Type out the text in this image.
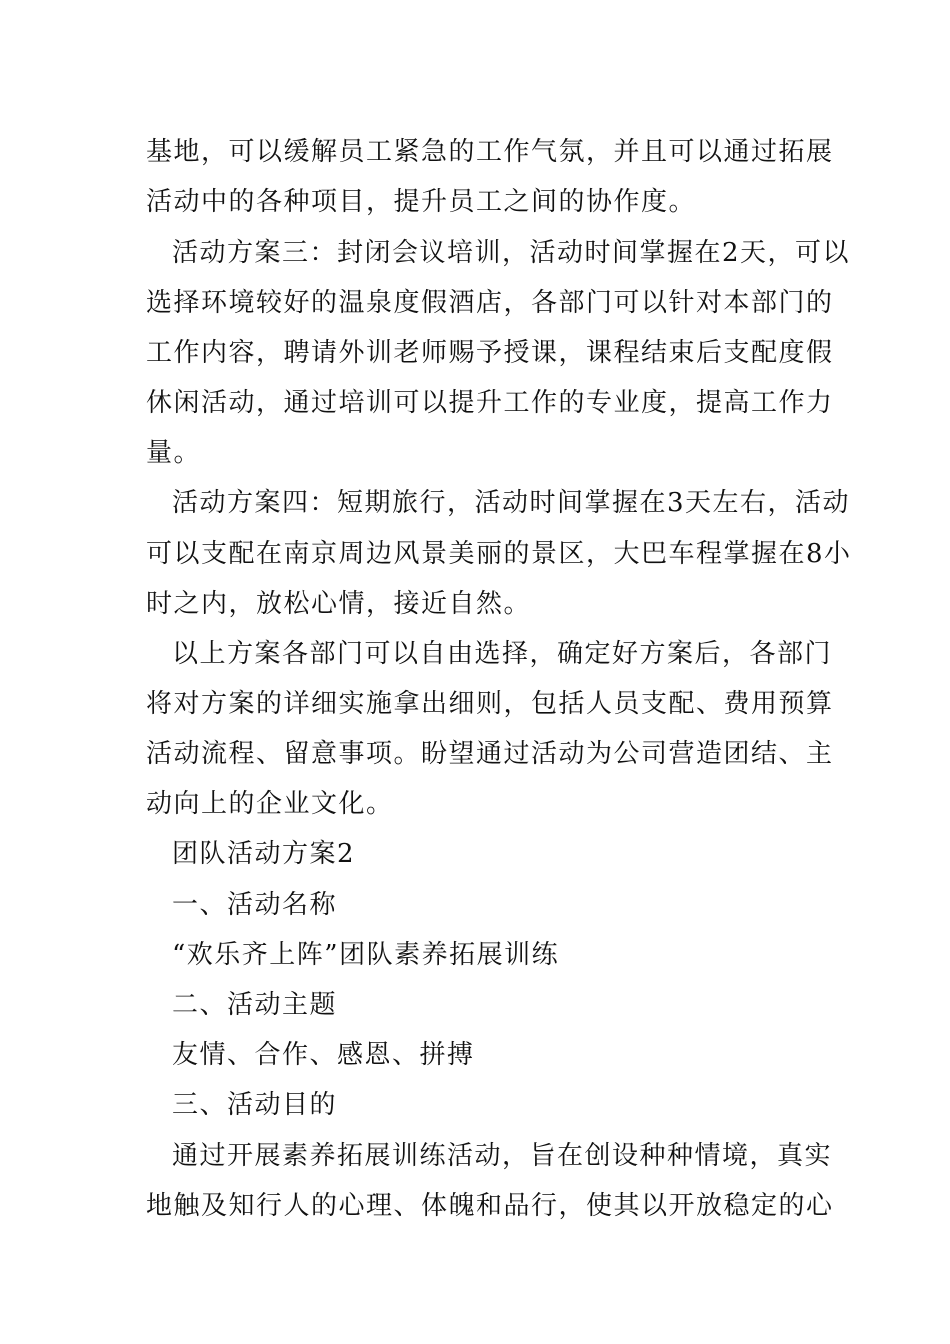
基地，可以缓解员工紧急的工作气氛，并且可以通过拓展
活动中的各种项目，提升员工之间的协作度。
活动方案三：封闭会议培训，活动时间掌握在2天，可以
选择环境较好的温泉度假酒店，各部门可以针对本部门的
工作内容，聘请外训老师赐予授课，课程结束后支配度假
休闲活动，通过培训可以提升工作的专业度，提高工作力
量。
活动方案四：短期旅行，活动时间掌握在3天左右，活动
可以支配在南京周边风景美丽的景区，大巴车程掌握在8小
时之内，放松心情，接近自然。
以上方案各部门可以自由选择，确定好方案后，各部门
将对方案的详细实施拿出细则，包括人员支配、费用预算
活动流程、留意事项。盼望通过活动为公司营造团结、主
动向上的企业文化。
团队活动方案2
一、活动名称
“欢乐齐上阵”团队素养拓展训练
二、活动主题
友情、合作、感恩、拼搏
三、活动目的
通过开展素养拓展训练活动，旨在创设种种情境，真实
地触及知行人的心理、体魄和品行，使其以开放稳定的心
